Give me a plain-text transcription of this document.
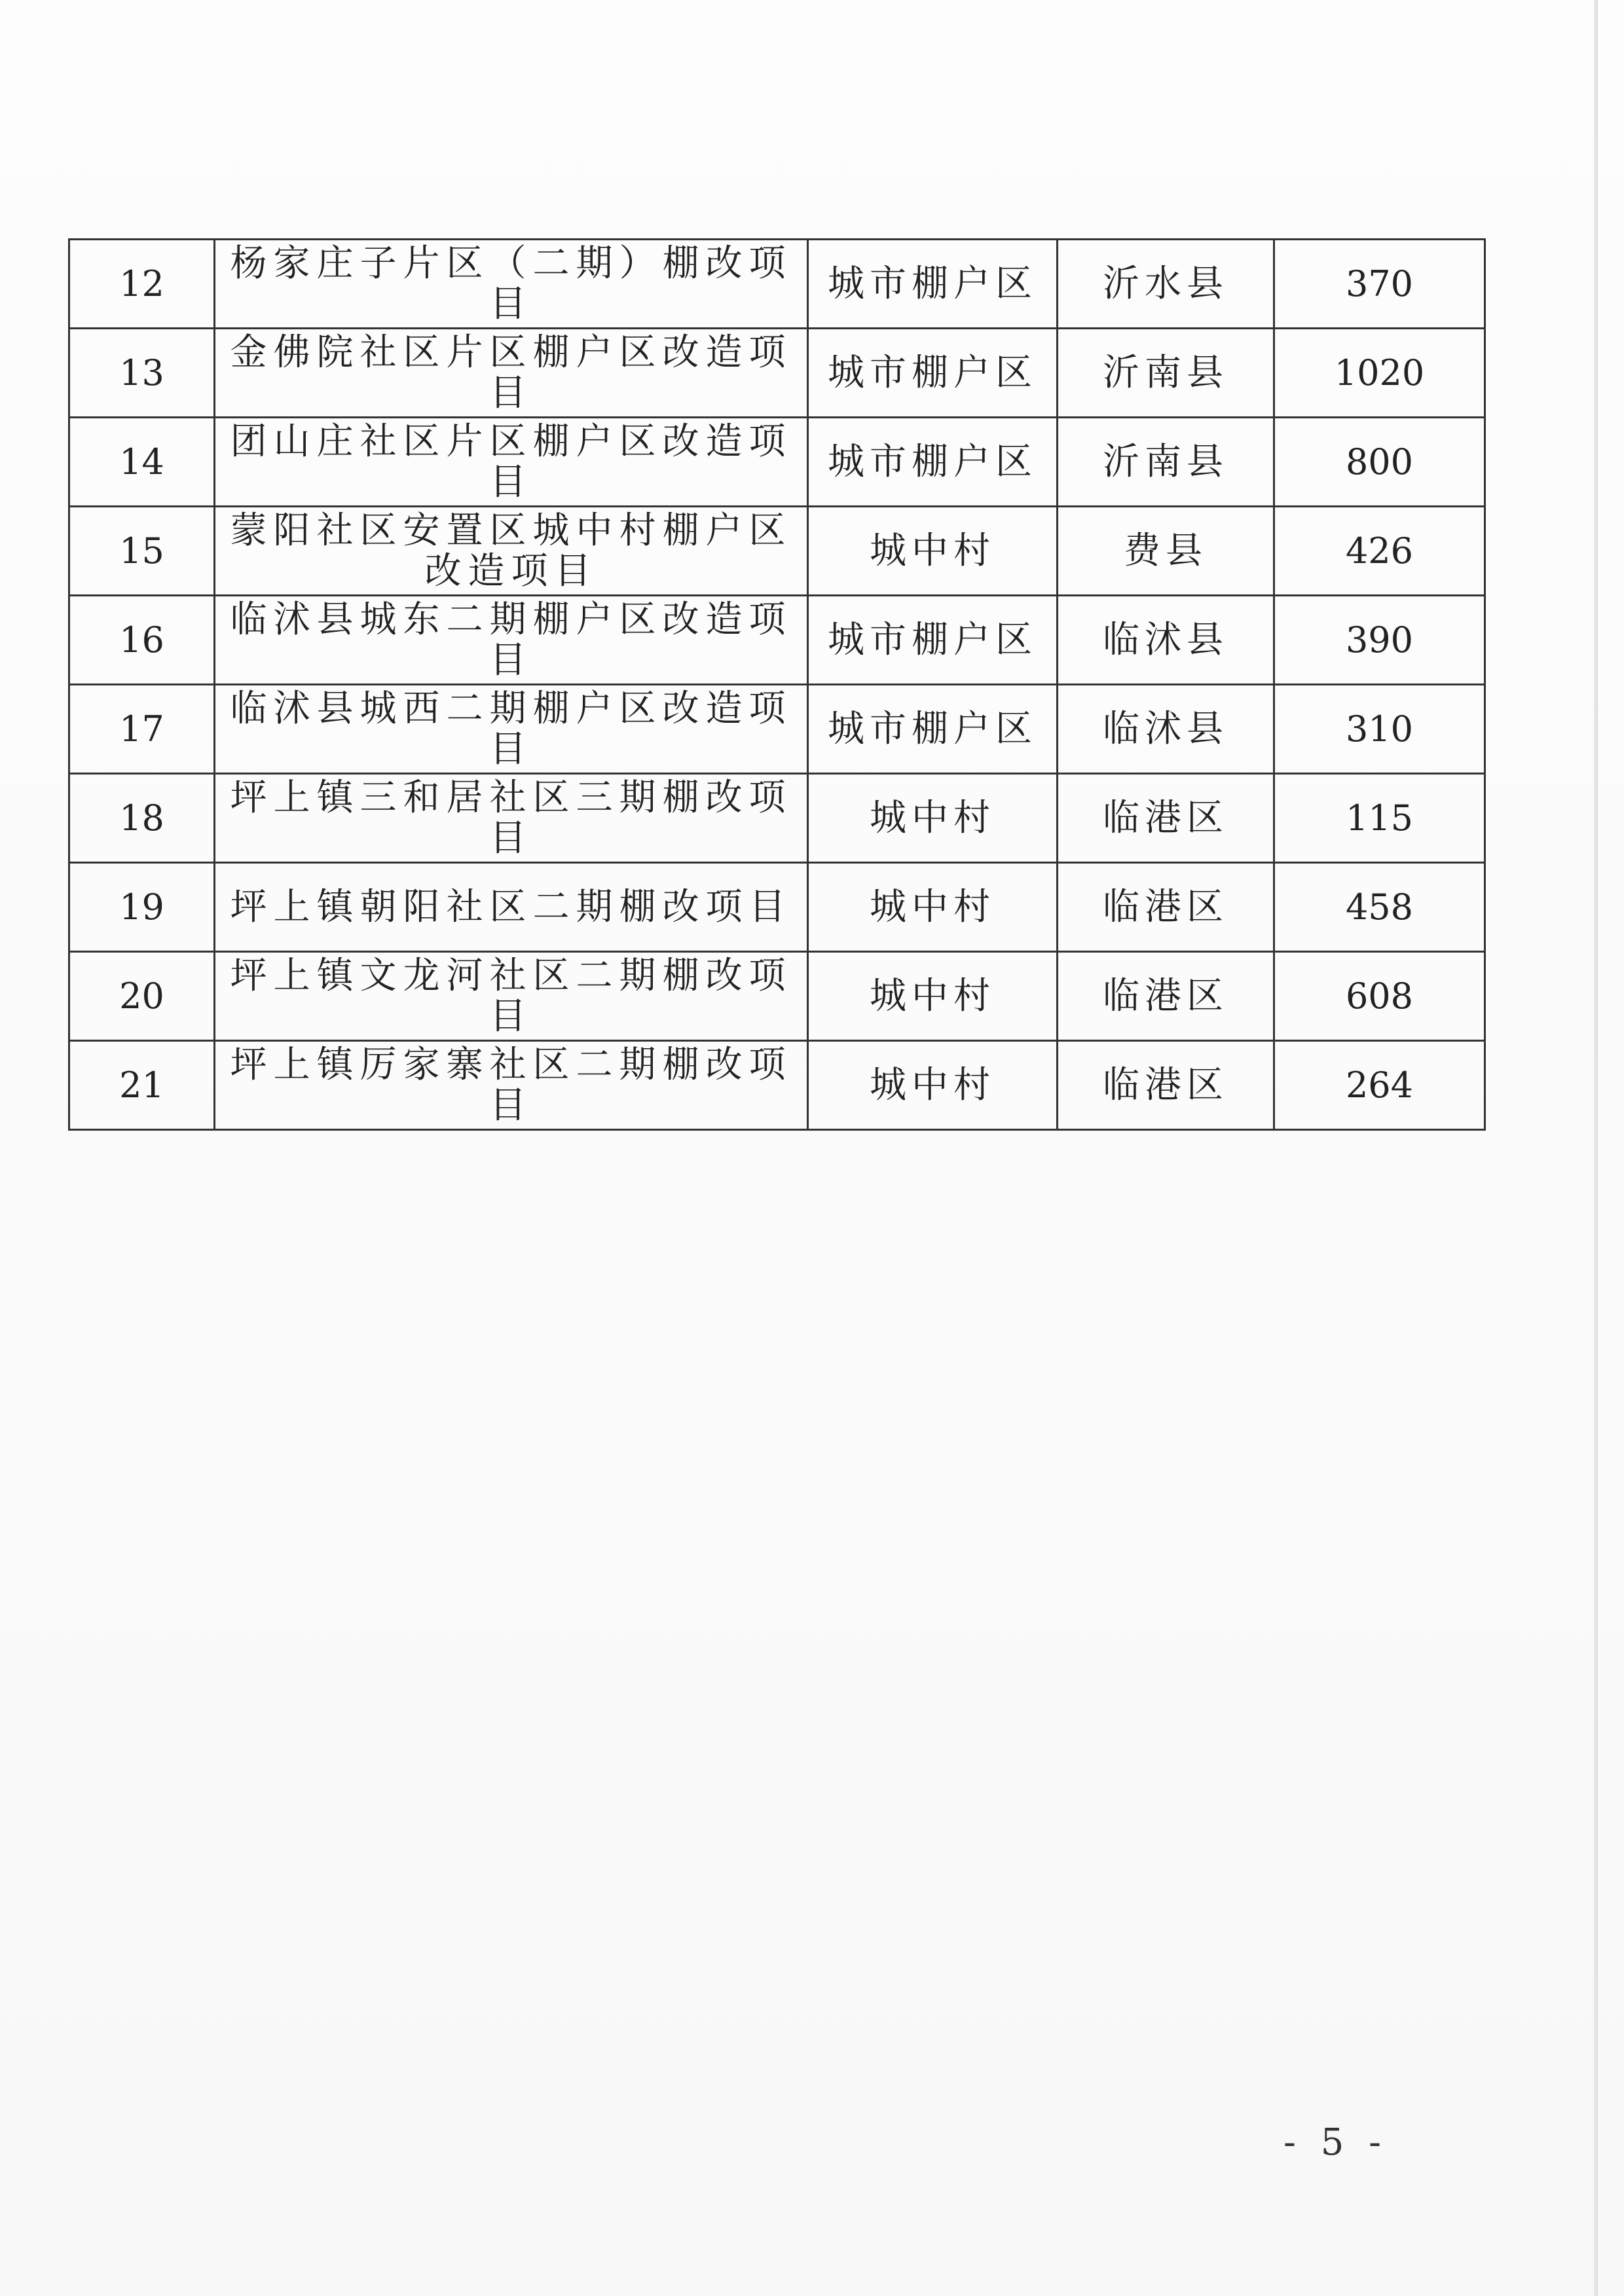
12	杨家庄子片区（二期）棚改项目	城市棚户区	沂水县	370
13	金佛院社区片区棚户区改造项目	城市棚户区	沂南县	1020
14	团山庄社区片区棚户区改造项目	城市棚户区	沂南县	800
15	蒙阳社区安置区城中村棚户区改造项目	城中村	费县	426
16	临沭县城东二期棚户区改造项目	城市棚户区	临沭县	390
17	临沭县城西二期棚户区改造项目	城市棚户区	临沭县	310
18	坪上镇三和居社区三期棚改项目	城中村	临港区	115
19	坪上镇朝阳社区二期棚改项目	城中村	临港区	458
20	坪上镇文龙河社区二期棚改项目	城中村	临港区	608
21	坪上镇厉家寨社区二期棚改项目	城中村	临港区	264
- 5 -
